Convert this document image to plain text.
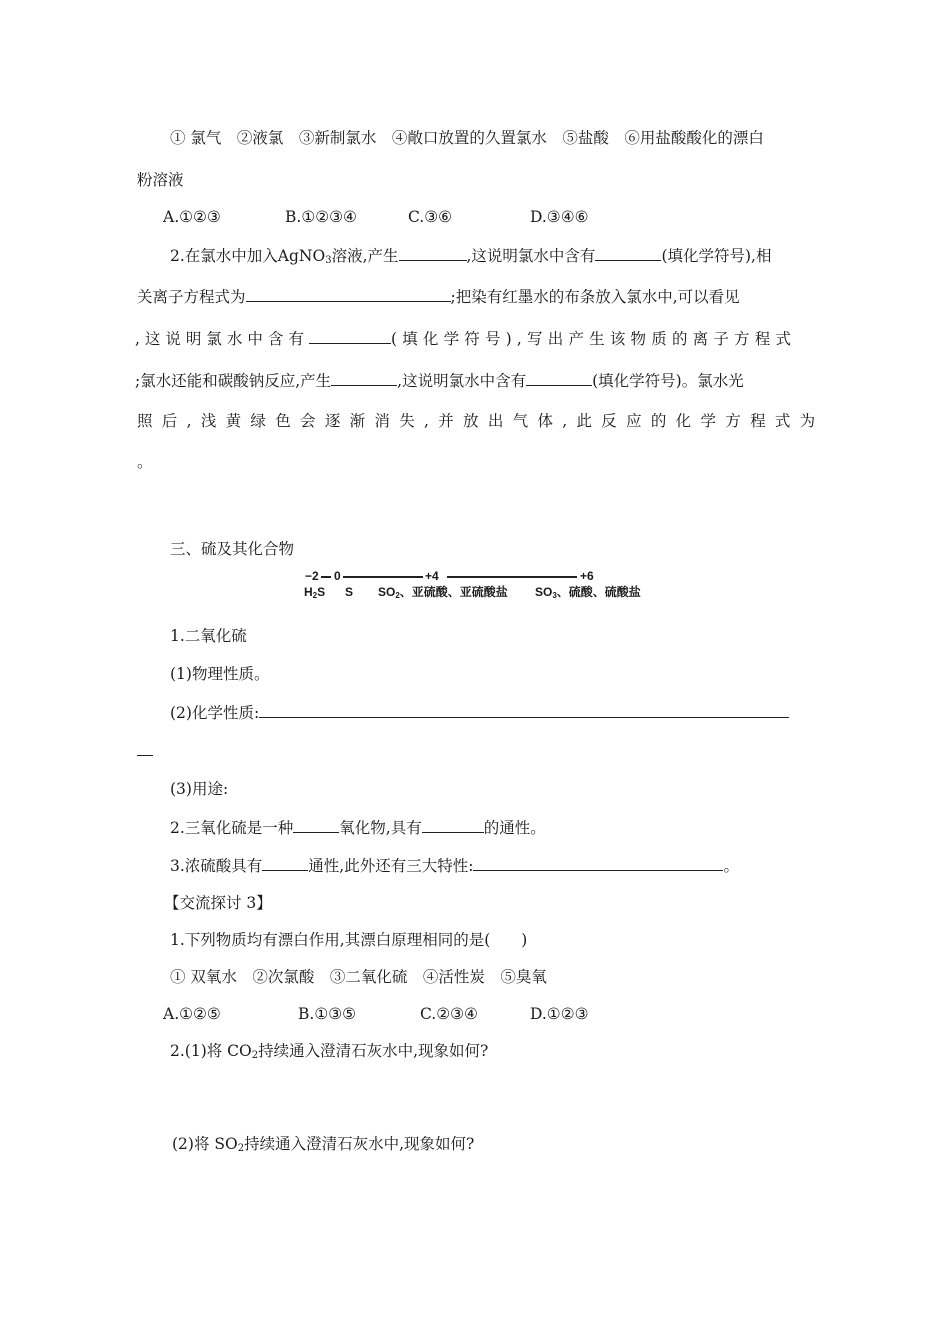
① 氯气　②液氯　③新制氯水　④敞口放置的久置氯水　⑤盐酸　⑥用盐酸酸化的漂白
粉溶液
A.①②③	B.①②③④	C.③⑥	D.③④⑥
2.在氯水中加入AgNO$_3$溶液,产生	,这说明氯水中含有	(填化学符号),相
关离子方程式为	;把染有红墨水的布条放入氯水中,可以看见
,这说明氯水中含有	(填化学符号),写出产生该物质的离子方程式
;氯水还能和碳酸钠反应,产生	,这说明氯水中含有	(填化学符号)。氯水光
照后,浅黄绿色会逐渐消失,并放出气体,此反应的化学方程式为
。
三、硫及其化合物
−2 0	+4	+6
H2S S SO2、亚硫酸、亚硫酸盐 SO3、硫酸、硫酸盐
1.二氧化硫
(1)物理性质。
(2)化学性质:
(3)用途:
2.三氧化硫是一种	氧化物,具有	的通性。
3.浓硫酸具有	通性,此外还有三大特性:	。
【交流探讨 3】
1.下列物质均有漂白作用,其漂白原理相同的是(　　)
① 双氧水　②次氯酸　③二氧化硫　④活性炭　⑤臭氧
A.①②⑤	B.①③⑤	C.②③④	D.①②③
2.(1)将 $CO_2$持续通入澄清石灰水中,现象如何?
(2)将 $SO_2$持续通入澄清石灰水中,现象如何?
